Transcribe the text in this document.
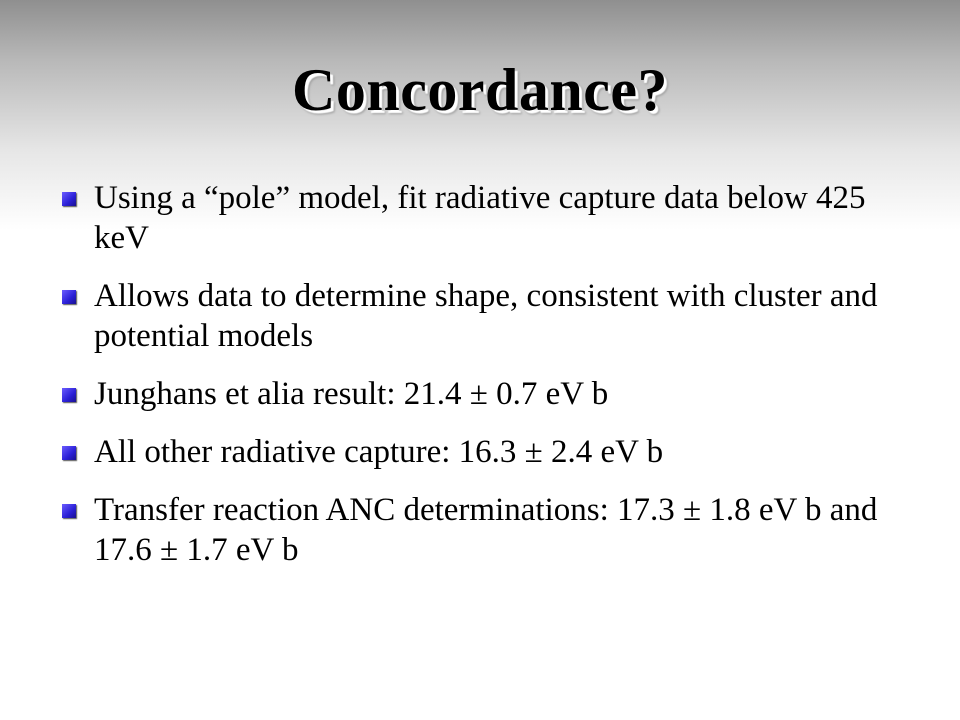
Concordance?
Using a “pole” model, fit radiative capture data below 425 keV
Allows data to determine shape, consistent with cluster and potential models
Junghans et alia result: 21.4 ± 0.7 eV b
All other radiative capture: 16.3 ± 2.4 eV b
Transfer reaction ANC determinations: 17.3 ± 1.8 eV b and 17.6 ± 1.7 eV b
